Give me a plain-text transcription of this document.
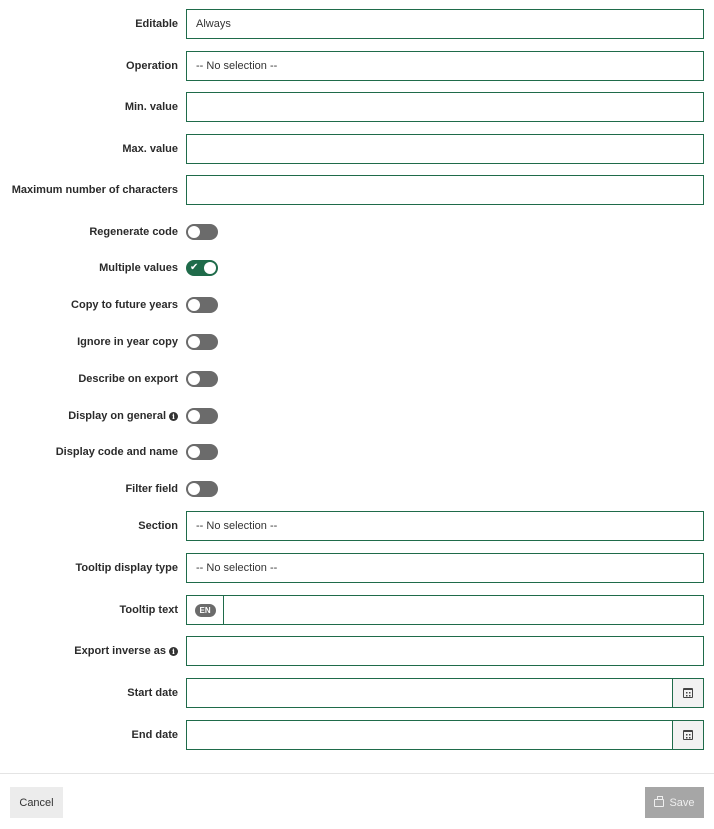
Editable Always
Operation -- No selection --
Min. value
Max. value
Maximum number of characters
Regenerate code
Multiple values ✔
Copy to future years
Ignore in year copy
Describe on export
Display on general i
Display code and name
Filter field
Section -- No selection --
Tooltip display type -- No selection --
Tooltip text	EN
Export inverse as i
Start date
End date
Cancel	Save
